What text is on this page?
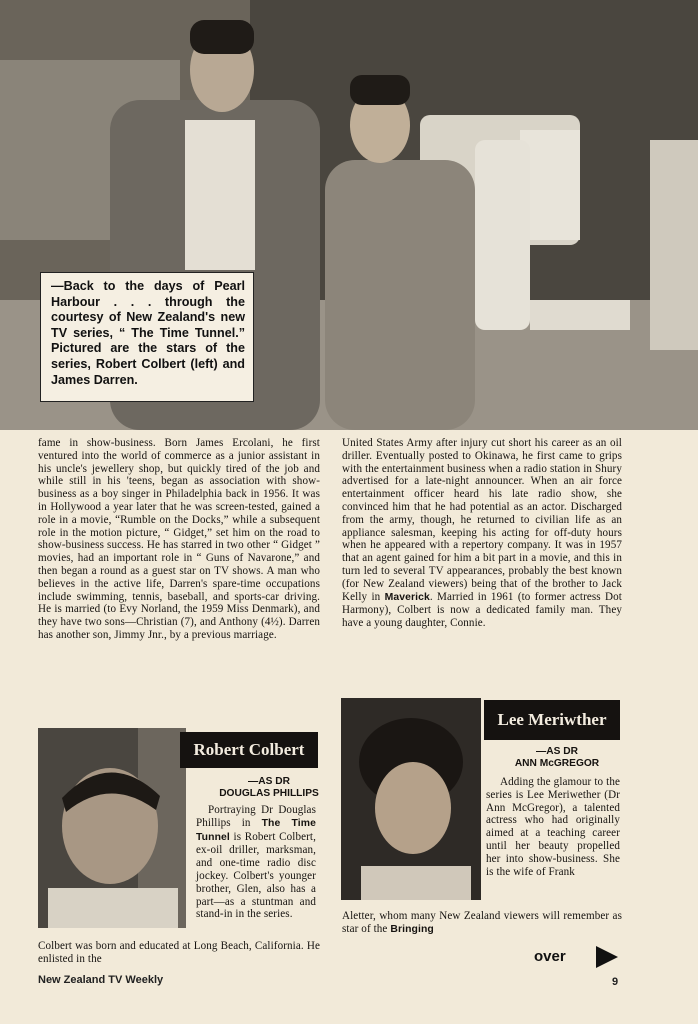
—Back to the days of Pearl Harbour . . . through the courtesy of New Zealand's new TV series, “ The Time Tunnel.” Pictured are the stars of the series, Robert Colbert (left) and James Darren.
fame in show-business. Born James Ercolani, he first ventured into the world of commerce as a junior assistant in his uncle's jewellery shop, but quickly tired of the job and while still in his 'teens, began as association with show-business as a boy singer in Philadelphia back in 1956. It was in Hollywood a year later that he was screen-tested, gained a role in a movie, “Rumble on the Docks,” while a subsequent role in the motion picture, “ Gidget,” set him on the road to show-business success. He has starred in two other “ Gidget ” movies, had an important role in “ Guns of Navarone,” and then began a round as a guest star on TV shows. A man who believes in the active life, Darren's spare-time occupations include swimming, tennis, baseball, and sports-car driving. He is married (to Evy Norland, the 1959 Miss Denmark), and they have two sons—Christian (7), and Anthony (4½). Darren has another son, Jimmy Jnr., by a previous marriage.
United States Army after injury cut short his career as an oil driller. Eventually posted to Okinawa, he first came to grips with the entertainment business when a radio station in Shury advertised for a late-night announcer. When an air force entertainment officer heard his late radio show, she convinced him that he had potential as an actor. Discharged from the army, though, he returned to civilian life as an appliance salesman, keeping his acting for off-duty hours when he appeared with a repertory company. It was in 1957 that an agent gained for him a bit part in a movie, and this in turn led to several TV appearances, probably the best known (for New Zealand viewers) being that of the brother to Jack Kelly in Maverick. Married in 1961 (to former actress Dot Harmony), Colbert is now a dedicated family man. They have a young daughter, Connie.
Robert Colbert
—AS DR
DOUGLAS PHILLIPS
Portraying Dr Douglas Phillips in The Time Tunnel is Robert Colbert, ex-oil driller, marksman, and one-time radio disc jockey. Colbert's younger brother, Glen, also has a part—as a stuntman and stand-in in the series.
Colbert was born and educated at Long Beach, California. He enlisted in the
Lee Meriwther
—AS DR
ANN McGREGOR
Adding the glamour to the series is Lee Meriwether (Dr Ann McGregor), a talented actress who had originally aimed at a teaching career until her beauty propelled her into show-business. She is the wife of Frank
Aletter, whom many New Zealand viewers will remember as star of the Bringing
over
New Zealand TV Weekly	9
